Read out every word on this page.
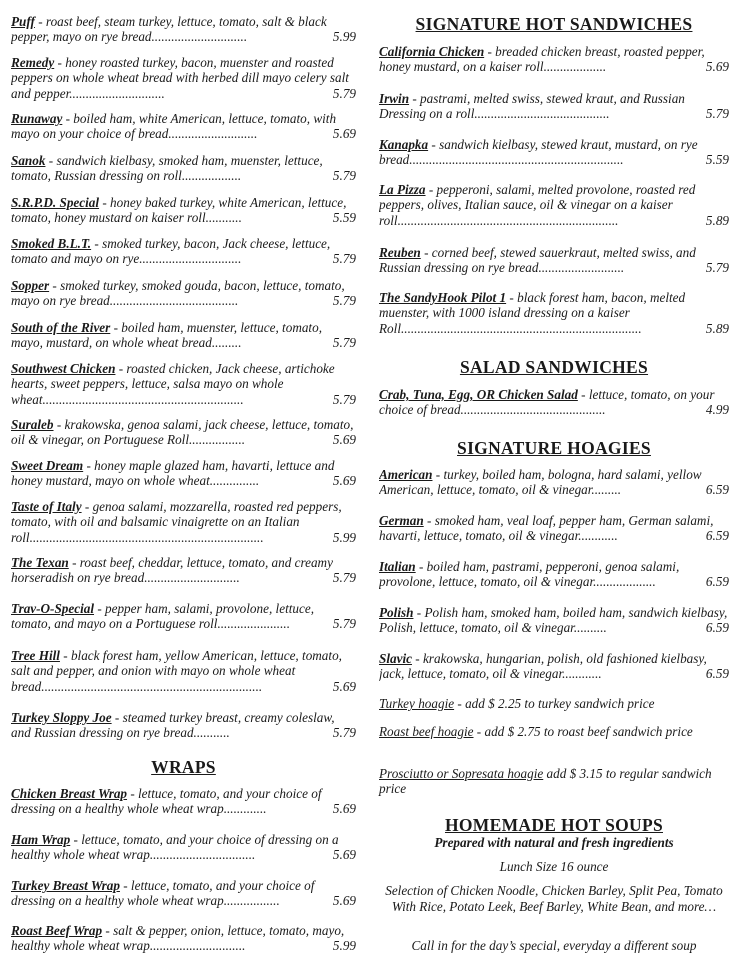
Puff - roast beef, steam turkey, lettuce, tomato, salt & black pepper, mayo on rye bread.............................	5.99
Remedy - honey roasted turkey, bacon, muenster and roasted peppers on whole wheat bread with herbed dill mayo celery salt and pepper.............................	5.79
Runaway - boiled ham, white American, lettuce, tomato, with mayo on your choice of bread...........................	5.69
Sanok - sandwich kielbasy, smoked ham, muenster, lettuce, tomato, Russian dressing on roll..................	5.79
S.R.P.D. Special - honey baked turkey, white American, lettuce, tomato, honey mustard on kaiser roll...........	5.59
Smoked B.L.T. - smoked turkey, bacon, Jack cheese, lettuce, tomato and mayo on rye...............................	5.79
Sopper - smoked turkey, smoked gouda, bacon, lettuce, tomato, mayo on rye bread.......................................	5.79
South of the River - boiled ham, muenster, lettuce, tomato, mayo, mustard, on whole wheat bread.........	5.79
Southwest Chicken - roasted chicken, Jack cheese, artichoke hearts, sweet peppers, lettuce, salsa mayo on whole wheat.............................................................	5.79
Suraleb - krakowska, genoa salami, jack cheese, lettuce, tomato, oil & vinegar, on Portuguese Roll.................	5.69
Sweet Dream - honey maple glazed ham, havarti, lettuce and honey mustard, mayo on whole wheat...............	5.69
Taste of Italy - genoa salami, mozzarella, roasted red peppers, tomato, with oil and balsamic vinaigrette on an Italian roll.......................................................................	5.99
The Texan - roast beef, cheddar, lettuce, tomato, and creamy horseradish on rye bread.............................	5.79
Trav-O-Special - pepper ham, salami, provolone, lettuce, tomato, and mayo on a Portuguese roll......................	5.79
Tree Hill - black forest ham, yellow American, lettuce, tomato, salt and pepper, and onion with mayo on whole wheat bread...................................................................	5.69
Turkey Sloppy Joe - steamed turkey breast, creamy coleslaw, and Russian dressing on rye bread...........	5.79
WRAPS
Chicken Breast Wrap - lettuce, tomato, and your choice of dressing on a healthy whole wheat wrap.............	5.69
Ham Wrap - lettuce, tomato, and your choice of dressing on a healthy whole wheat wrap................................	5.69
Turkey Breast Wrap - lettuce, tomato, and your choice of dressing on a healthy whole wheat wrap.................	5.69
Roast Beef Wrap - salt & pepper, onion, lettuce, tomato, mayo, healthy whole wheat wrap.............................	5.99
SIGNATURE HOT SANDWICHES
California Chicken - breaded chicken breast, roasted pepper, honey mustard, on a kaiser roll...................	5.69
Irwin - pastrami, melted swiss, stewed kraut, and Russian Dressing on a roll.........................................	5.79
Kanapka - sandwich kielbasy, stewed kraut, mustard, on rye bread.................................................................	5.59
La Pizza - pepperoni, salami, melted provolone, roasted red peppers, olives, Italian sauce, oil & vinegar on a kaiser roll...................................................................	5.89
Reuben - corned beef, stewed sauerkraut, melted swiss, and Russian dressing on rye bread..........................	5.79
The SandyHook Pilot 1 - black forest ham, bacon, melted muenster, with 1000 island dressing on a kaiser Roll.........................................................................	5.89
SALAD SANDWICHES
Crab, Tuna, Egg, OR Chicken Salad - lettuce, tomato, on your choice of bread............................................	4.99
SIGNATURE HOAGIES
American - turkey, boiled ham, bologna, hard salami, yellow American, lettuce, tomato, oil & vinegar.........	6.59
German - smoked ham, veal loaf, pepper ham, German salami, havarti, lettuce, tomato, oil & vinegar............	6.59
Italian - boiled ham, pastrami, pepperoni, genoa salami, provolone, lettuce, tomato, oil & vinegar...................	6.59
Polish - Polish ham, smoked ham, boiled ham, sandwich kielbasy, Polish, lettuce, tomato, oil & vinegar..........	6.59
Slavic - krakowska, hungarian, polish, old fashioned kielbasy, jack, lettuce, tomato, oil & vinegar............	6.59
Turkey hoagie - add $ 2.25 to turkey sandwich price
Roast beef hoagie - add $ 2.75 to roast beef sandwich price
Prosciutto or Sopresata hoagie add $ 3.15 to regular sandwich price
HOMEMADE HOT SOUPS
Prepared with natural and fresh ingredients
Lunch Size 16 ounce
Selection of Chicken Noodle, Chicken Barley, Split Pea, Tomato With Rice, Potato Leek, Beef Barley, White Bean, and more…
Call in for the day’s special, everyday a different soup
